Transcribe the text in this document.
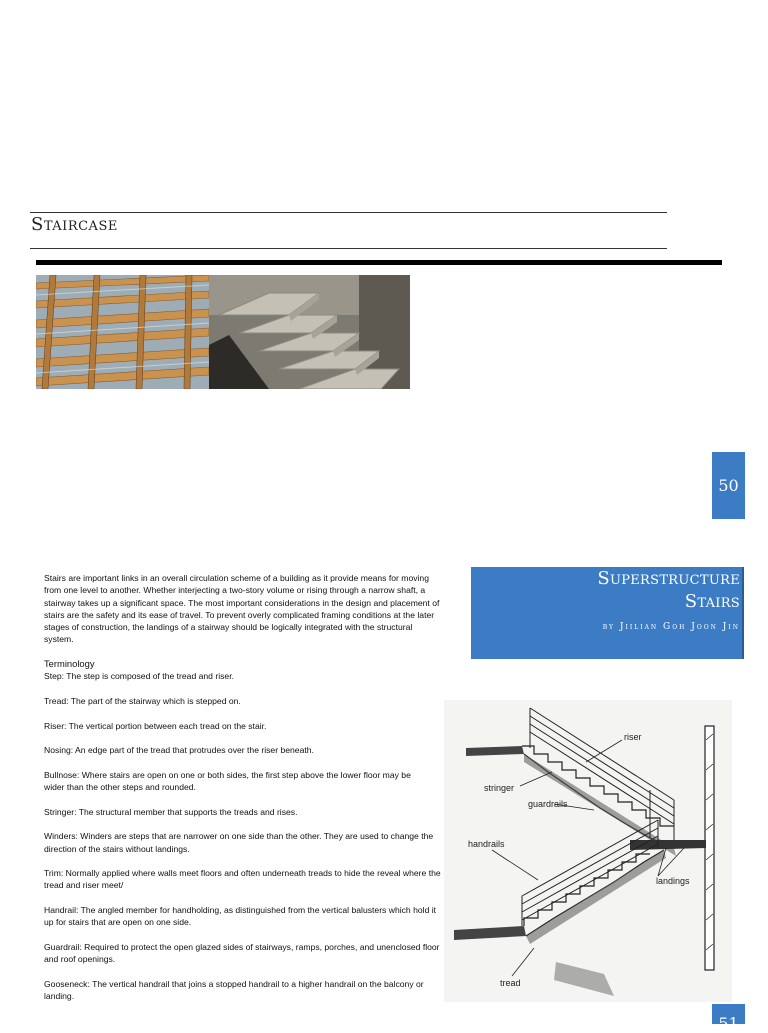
Staircase
50
Superstructure
Stairs
by Jiilian Goh Joon Jin

Stairs are important links in an overall circulation scheme of a building as it provide means for moving from one level to another. Whether interjecting a two-story volume or rising through a narrow shaft, a stairway takes up a significant space. The most important considerations in the design and placement of stairs are the safety and its ease of travel. To prevent overly complicated framing conditions at the later stages of construction, the landings of a stairway should be logically integrated with the structural system.

Terminology

Step: The step is composed of the tread and riser.

Tread: The part of the stairway which is stepped on.

Riser: The vertical portion between each tread on the stair.

Nosing: An edge part of the tread that protrudes over the riser beneath.

Bullnose: Where stairs are open on one or both sides, the first step above the lower floor may be
wider than the other steps and rounded.

Stringer: The structural member that supports the treads and rises.

Winders: Winders are steps that are narrower on one side than the other. They are used to change the direction of the stairs without landings.

Trim: Normally applied where walls meet floors and often underneath treads to hide the reveal where the tread and riser meet/

Handrail: The angled member for handholding, as distinguished from the vertical balusters which hold it up for stairs that are open on one side.

Guardrail: Required to protect the open glazed sides of stairways, ramps, porches, and unenclosed floor and roof openings.

Gooseneck: The vertical handrail that joins a stopped handrail to a higher handrail on the balcony or landing.

riser
stringer
guardrails
handrails
landings
tread
51
